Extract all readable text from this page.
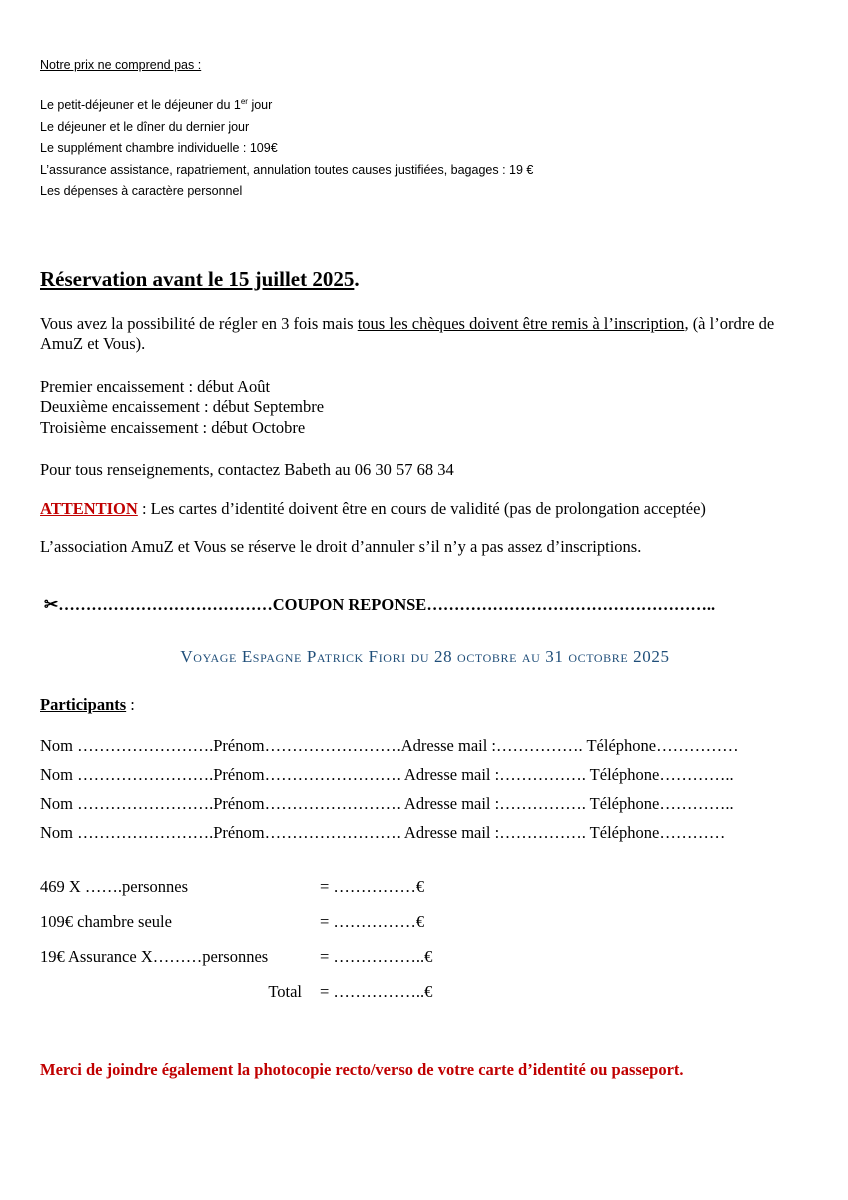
Notre prix ne comprend pas :

Le petit-déjeuner et le déjeuner du 1er jour

Le déjeuner et le dîner du dernier jour

Le supplément chambre individuelle : 109€

L’assurance assistance, rapatriement, annulation toutes causes justifiées, bagages : 19 €

Les dépenses à caractère personnel

Réservation avant le 15 juillet 2025.

Vous avez la possibilité de régler en 3 fois mais tous les chèques doivent être remis à l’inscription, (à l’ordre de AmuZ et Vous).

Premier encaissement : début Août

Deuxième encaissement : début Septembre

Troisième encaissement : début Octobre

Pour tous renseignements, contactez Babeth au 06 30 57 68 34

ATTENTION : Les cartes d’identité doivent être en cours de validité (pas de prolongation acceptée)

L’association AmuZ et Vous se réserve le droit d’annuler s’il n’y a pas assez d’inscriptions.

✂…………………………………COUPON REPONSE……………………………………………..

Voyage Espagne Patrick Fiori du 28 octobre au 31 octobre 2025

Participants :

Nom …………………….Prénom…………………….Adresse mail :……………. Téléphone……………

Nom …………………….Prénom……………………. Adresse mail :……………. Téléphone…………..

Nom …………………….Prénom……………………. Adresse mail :……………. Téléphone…………..

Nom …………………….Prénom……………………. Adresse mail :……………. Téléphone…………

469 X …….personnes	= ……………€
109€ chambre seule	= ……………€
19€ Assurance X………personnes	= ……………..€
Total	= ……………..€

Merci de joindre également la photocopie recto/verso de votre carte d’identité ou passeport.
